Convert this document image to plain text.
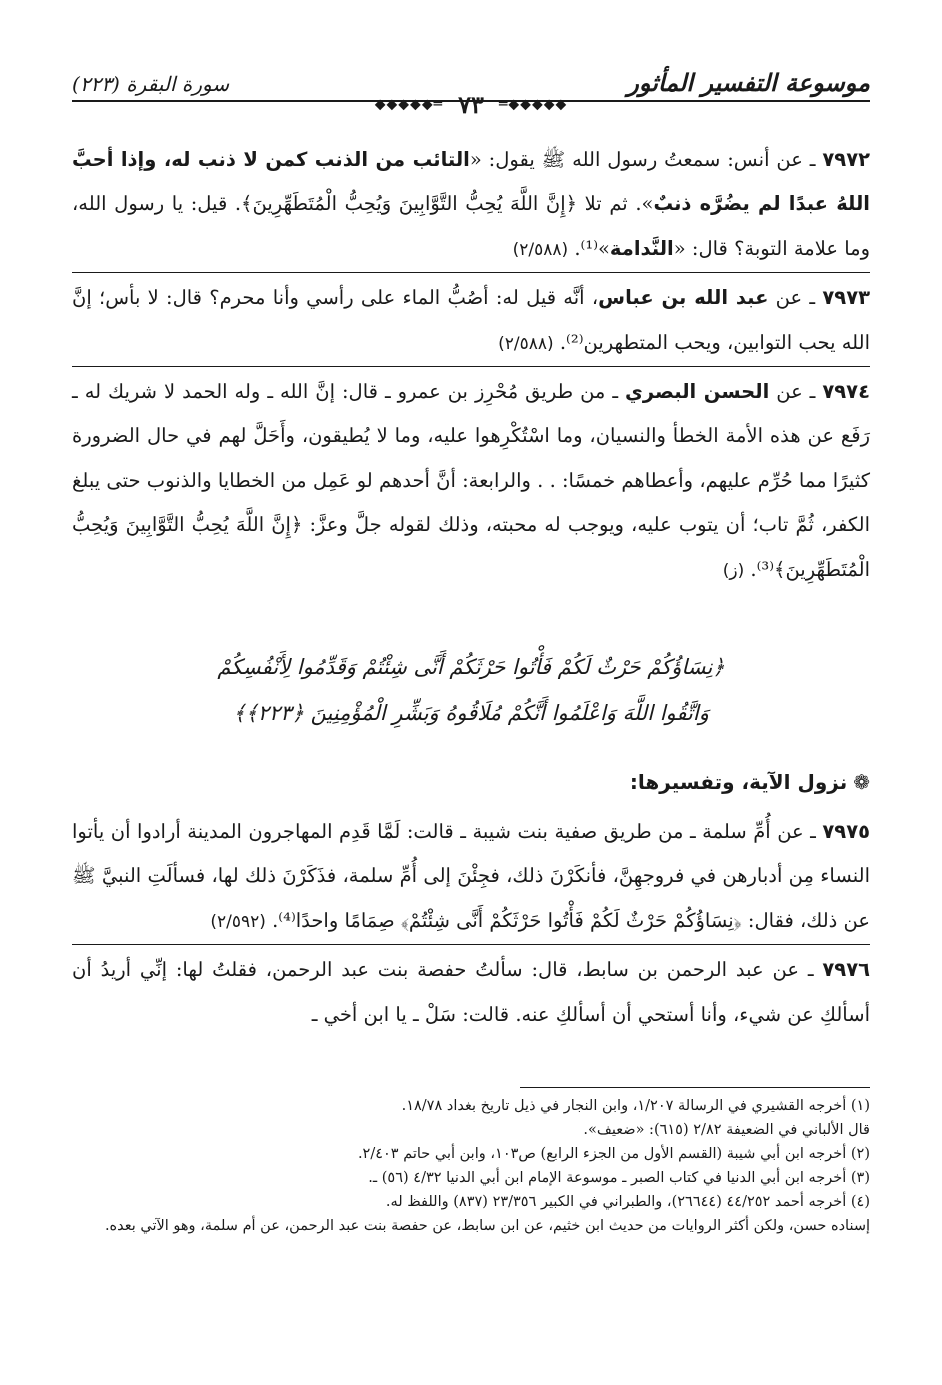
موسوعة التفسير المأثور
سورة البقرة (٢٢٣)
◆◆◆◆◆═ ٧٣ ═◆◆◆◆◆

٧٩٧٢ ـ عن أنس: سمعتُ رسول الله ﷺ يقول: «التائب من الذنب كمن لا ذنب له، وإذا أحبَّ اللهُ عبدًا لم يضُرَّه ذنبٌ». ثم تلا ﴿إِنَّ اللَّهَ يُحِبُّ التَّوَّابِينَ وَيُحِبُّ الْمُتَطَهِّرِينَ﴾. قيل: يا رسول الله، وما علامة التوبة؟ قال: «النَّدامة»⁽¹⁾. (٢/٥٨٨)

٧٩٧٣ ـ عن عبد الله بن عباس، أنَّه قيل له: أصُبُّ الماء على رأسي وأنا محرم؟ قال: لا بأس؛ إنَّ الله يحب التوابين، ويحب المتطهرين⁽²⁾. (٢/٥٨٨)

٧٩٧٤ ـ عن الحسن البصري ـ من طريق مُحْرِز بن عمرو ـ قال: إنَّ الله ـ وله الحمد لا شريك له ـ رَفَع عن هذه الأمة الخطأ والنسيان، وما اسْتُكْرِهوا عليه، وما لا يُطيقون، وأَحَلَّ لهم في حال الضرورة كثيرًا مما حُرِّم عليهم، وأعطاهم خمسًا: . . والرابعة: أنَّ أحدهم لو عَمِل من الخطايا والذنوب حتى يبلغ الكفر، ثُمَّ تاب؛ أن يتوب عليه، ويوجب له محبته، وذلك لقوله جلَّ وعزَّ: ﴿إِنَّ اللَّهَ يُحِبُّ التَّوَّابِينَ وَيُحِبُّ الْمُتَطَهِّرِينَ﴾⁽³⁾. (ز)

﴿نِسَاؤُكُمْ حَرْثٌ لَكُمْ فَأْتُوا حَرْثَكُمْ أَنَّى شِئْتُمْ وَقَدِّمُوا لِأَنْفُسِكُمْ
وَاتَّقُوا اللَّهَ وَاعْلَمُوا أَنَّكُمْ مُلَاقُوهُ وَبَشِّرِ الْمُؤْمِنِينَ ﴿٢٢٣﴾﴾
❁نزول الآية، وتفسيرها:

٧٩٧٥ ـ عن أُمِّ سلمة ـ من طريق صفية بنت شيبة ـ قالت: لَمَّا قَدِم المهاجرون المدينة أرادوا أن يأتوا النساء مِن أدبارهن في فروجهِنَّ، فأنكَرْنَ ذلك، فجِئْنَ إلى أُمِّ سلمة، فذَكَرْنَ ذلك لها، فسألَتِ النبيَّ ﷺ عن ذلك، فقال: ﴿نِسَاؤُكُمْ حَرْثٌ لَكُمْ فَأْتُوا حَرْثَكُمْ أَنَّى شِئْتُمْ﴾ صِمَامًا واحدًا⁽⁴⁾. (٢/٥٩٢)

٧٩٧٦ ـ عن عبد الرحمن بن سابط، قال: سألتُ حفصة بنت عبد الرحمن، فقلتُ لها: إنِّي أريدُ أن أسألكِ عن شيء، وأنا أستحي أن أسألكِ عنه. قالت: سَلْ ـ يا ابن أخي ـ

(١) أخرجه القشيري في الرسالة ١/٢٠٧، وابن النجار في ذيل تاريخ بغداد ١٨/٧٨.

قال الألباني في الضعيفة ٢/٨٢ (٦١٥): «ضعيف».

(٢) أخرجه ابن أبي شيبة (القسم الأول من الجزء الرابع) ص١٠٣، وابن أبي حاتم ٢/٤٠٣.

(٣) أخرجه ابن أبي الدنيا في كتاب الصبر ـ موسوعة الإمام ابن أبي الدنيا ٤/٣٢ (٥٦) ـ.

(٤) أخرجه أحمد ٤٤/٢٥٢ (٢٦٦٤٤)، والطبراني في الكبير ٢٣/٣٥٦ (٨٣٧) واللفظ له.

إسناده حسن، ولكن أكثر الروايات من حديث ابن خثيم، عن ابن سابط، عن حفصة بنت عبد الرحمن، عن أم سلمة، وهو الآتي بعده.
